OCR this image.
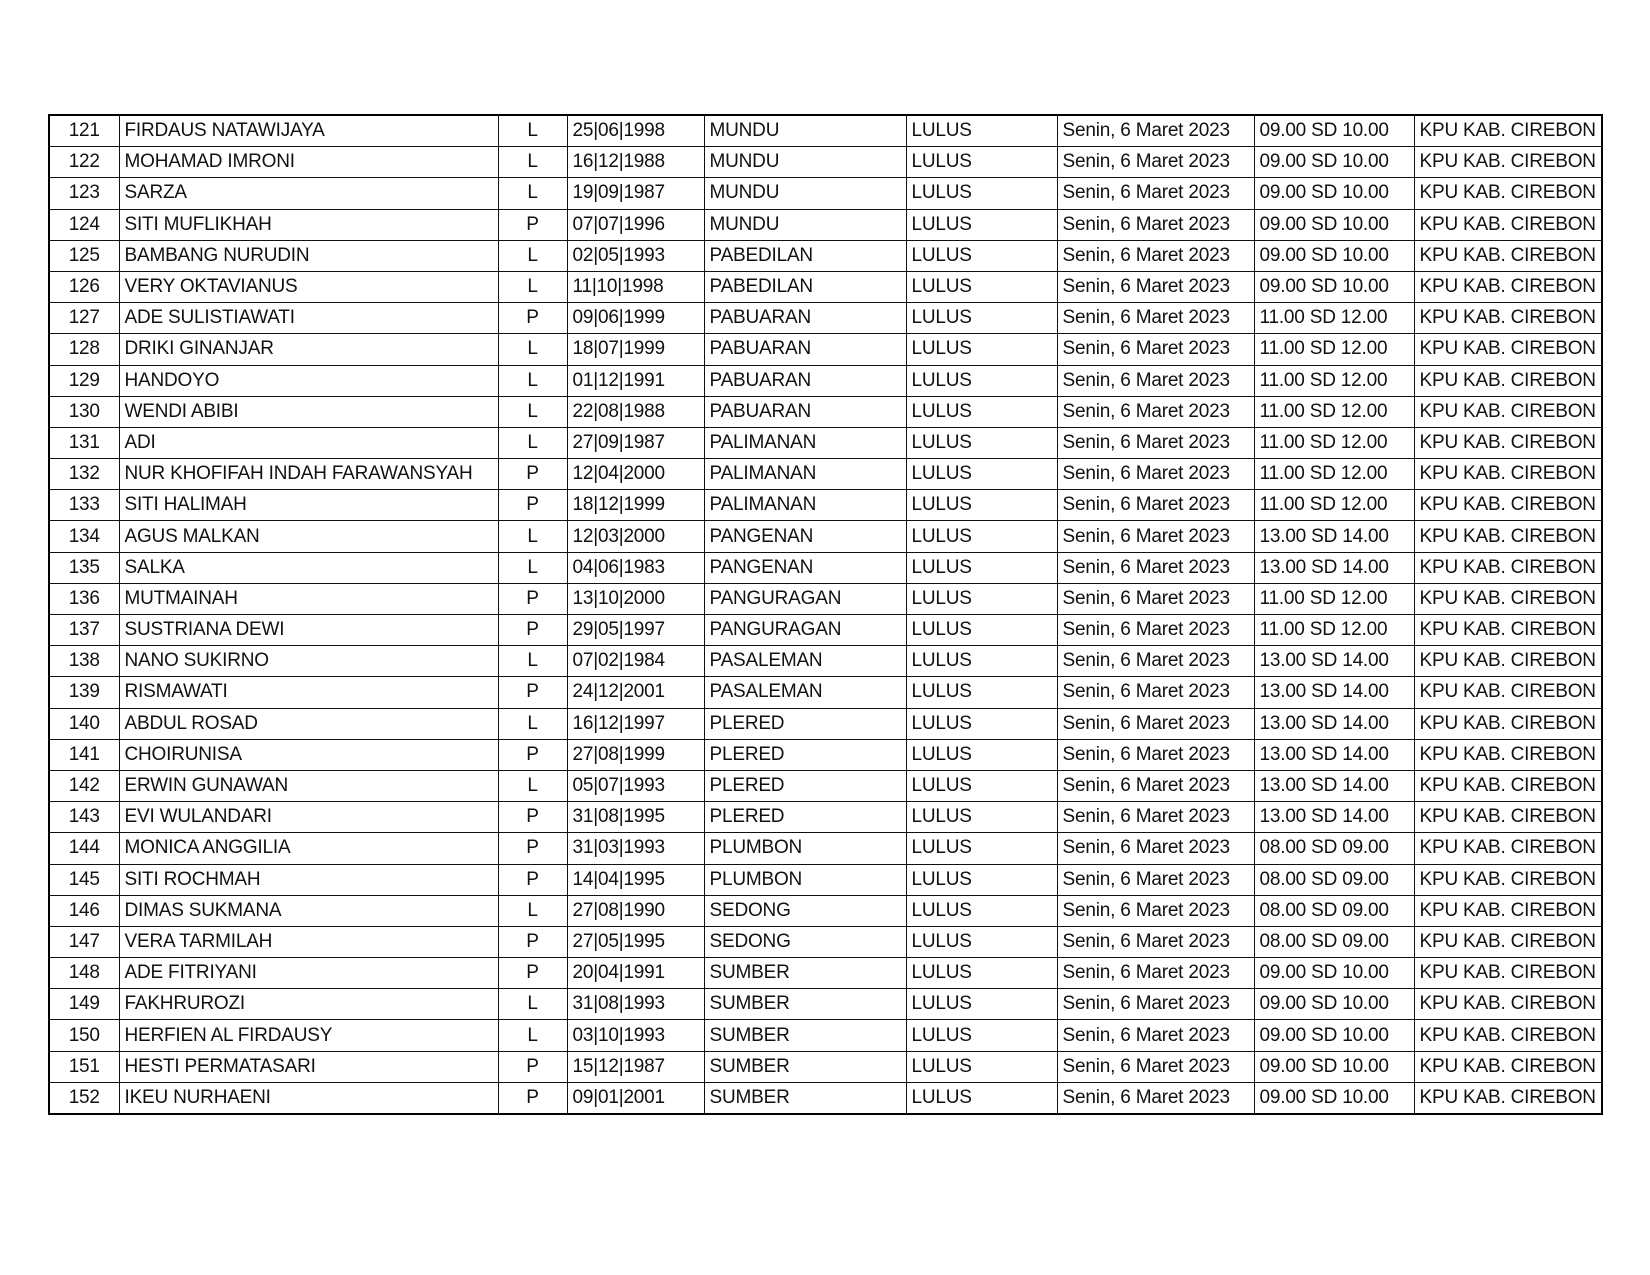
121	FIRDAUS NATAWIJAYA	L	25|06|1998	MUNDU	LULUS	Senin, 6 Maret 2023	09.00 SD 10.00	KPU KAB. CIREBON
122	MOHAMAD IMRONI	L	16|12|1988	MUNDU	LULUS	Senin, 6 Maret 2023	09.00 SD 10.00	KPU KAB. CIREBON
123	SARZA	L	19|09|1987	MUNDU	LULUS	Senin, 6 Maret 2023	09.00 SD 10.00	KPU KAB. CIREBON
124	SITI MUFLIKHAH	P	07|07|1996	MUNDU	LULUS	Senin, 6 Maret 2023	09.00 SD 10.00	KPU KAB. CIREBON
125	BAMBANG NURUDIN	L	02|05|1993	PABEDILAN	LULUS	Senin, 6 Maret 2023	09.00 SD 10.00	KPU KAB. CIREBON
126	VERY OKTAVIANUS	L	11|10|1998	PABEDILAN	LULUS	Senin, 6 Maret 2023	09.00 SD 10.00	KPU KAB. CIREBON
127	ADE SULISTIAWATI	P	09|06|1999	PABUARAN	LULUS	Senin, 6 Maret 2023	11.00 SD 12.00	KPU KAB. CIREBON
128	DRIKI GINANJAR	L	18|07|1999	PABUARAN	LULUS	Senin, 6 Maret 2023	11.00 SD 12.00	KPU KAB. CIREBON
129	HANDOYO	L	01|12|1991	PABUARAN	LULUS	Senin, 6 Maret 2023	11.00 SD 12.00	KPU KAB. CIREBON
130	WENDI ABIBI	L	22|08|1988	PABUARAN	LULUS	Senin, 6 Maret 2023	11.00 SD 12.00	KPU KAB. CIREBON
131	ADI	L	27|09|1987	PALIMANAN	LULUS	Senin, 6 Maret 2023	11.00 SD 12.00	KPU KAB. CIREBON
132	NUR KHOFIFAH INDAH FARAWANSYAH	P	12|04|2000	PALIMANAN	LULUS	Senin, 6 Maret 2023	11.00 SD 12.00	KPU KAB. CIREBON
133	SITI HALIMAH	P	18|12|1999	PALIMANAN	LULUS	Senin, 6 Maret 2023	11.00 SD 12.00	KPU KAB. CIREBON
134	AGUS MALKAN	L	12|03|2000	PANGENAN	LULUS	Senin, 6 Maret 2023	13.00 SD 14.00	KPU KAB. CIREBON
135	SALKA	L	04|06|1983	PANGENAN	LULUS	Senin, 6 Maret 2023	13.00 SD 14.00	KPU KAB. CIREBON
136	MUTMAINAH	P	13|10|2000	PANGURAGAN	LULUS	Senin, 6 Maret 2023	11.00 SD 12.00	KPU KAB. CIREBON
137	SUSTRIANA DEWI	P	29|05|1997	PANGURAGAN	LULUS	Senin, 6 Maret 2023	11.00 SD 12.00	KPU KAB. CIREBON
138	NANO SUKIRNO	L	07|02|1984	PASALEMAN	LULUS	Senin, 6 Maret 2023	13.00 SD 14.00	KPU KAB. CIREBON
139	RISMAWATI	P	24|12|2001	PASALEMAN	LULUS	Senin, 6 Maret 2023	13.00 SD 14.00	KPU KAB. CIREBON
140	ABDUL ROSAD	L	16|12|1997	PLERED	LULUS	Senin, 6 Maret 2023	13.00 SD 14.00	KPU KAB. CIREBON
141	CHOIRUNISA	P	27|08|1999	PLERED	LULUS	Senin, 6 Maret 2023	13.00 SD 14.00	KPU KAB. CIREBON
142	ERWIN GUNAWAN	L	05|07|1993	PLERED	LULUS	Senin, 6 Maret 2023	13.00 SD 14.00	KPU KAB. CIREBON
143	EVI WULANDARI	P	31|08|1995	PLERED	LULUS	Senin, 6 Maret 2023	13.00 SD 14.00	KPU KAB. CIREBON
144	MONICA ANGGILIA	P	31|03|1993	PLUMBON	LULUS	Senin, 6 Maret 2023	08.00 SD 09.00	KPU KAB. CIREBON
145	SITI ROCHMAH	P	14|04|1995	PLUMBON	LULUS	Senin, 6 Maret 2023	08.00 SD 09.00	KPU KAB. CIREBON
146	DIMAS SUKMANA	L	27|08|1990	SEDONG	LULUS	Senin, 6 Maret 2023	08.00 SD 09.00	KPU KAB. CIREBON
147	VERA TARMILAH	P	27|05|1995	SEDONG	LULUS	Senin, 6 Maret 2023	08.00 SD 09.00	KPU KAB. CIREBON
148	ADE FITRIYANI	P	20|04|1991	SUMBER	LULUS	Senin, 6 Maret 2023	09.00 SD 10.00	KPU KAB. CIREBON
149	FAKHRUROZI	L	31|08|1993	SUMBER	LULUS	Senin, 6 Maret 2023	09.00 SD 10.00	KPU KAB. CIREBON
150	HERFIEN AL FIRDAUSY	L	03|10|1993	SUMBER	LULUS	Senin, 6 Maret 2023	09.00 SD 10.00	KPU KAB. CIREBON
151	HESTI PERMATASARI	P	15|12|1987	SUMBER	LULUS	Senin, 6 Maret 2023	09.00 SD 10.00	KPU KAB. CIREBON
152	IKEU NURHAENI	P	09|01|2001	SUMBER	LULUS	Senin, 6 Maret 2023	09.00 SD 10.00	KPU KAB. CIREBON
